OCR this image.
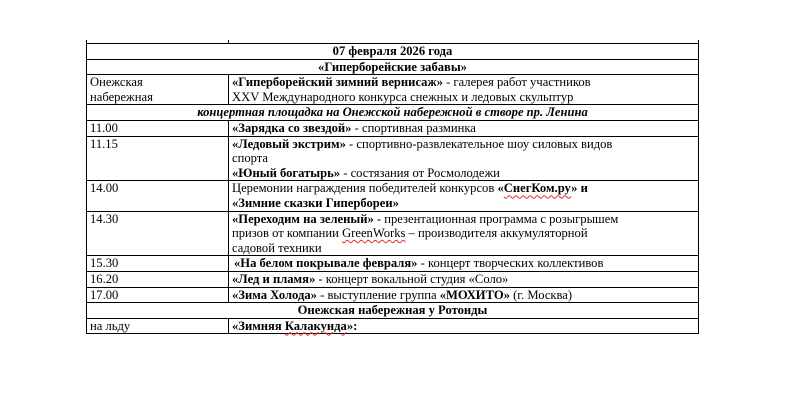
07 февраля 2026 года	
«Гиперборейские забавы»	

Онежская
набережная	«Гиперборейский зимний вернисаж» - галерея работ участников
XXV Международного конкурса снежных и ледовых скульптур

концертная площадка на Онежской набережной в створе пр. Ленина	
11.00	«Зарядка со звездой» - спортивная разминка
11.15	«Ледовый экстрим» - спортивно-развлекательное шоу силовых видов
спорта
«Юный богатырь» - состязания от Росмолодежи

14.00	Церемонии награждения победителей конкурсов «СнегКом.ру» и
«Зимние сказки Гипербореи»

14.30	«Переходим на зеленый» - презентационная программа с розыгрышем
призов от компании GreenWorks – производителя аккумуляторной
садовой техники

15.30	«На белом покрывале февраля» - концерт творческих коллективов
16.20	«Лед и пламя» - концерт вокальной студия «Соло»
17.00	«Зима Холода» - выступление группа «МОХИТО» (г. Москва)
Онежская набережная у Ротонды	
на льду	«Зимняя Калакунда»:
